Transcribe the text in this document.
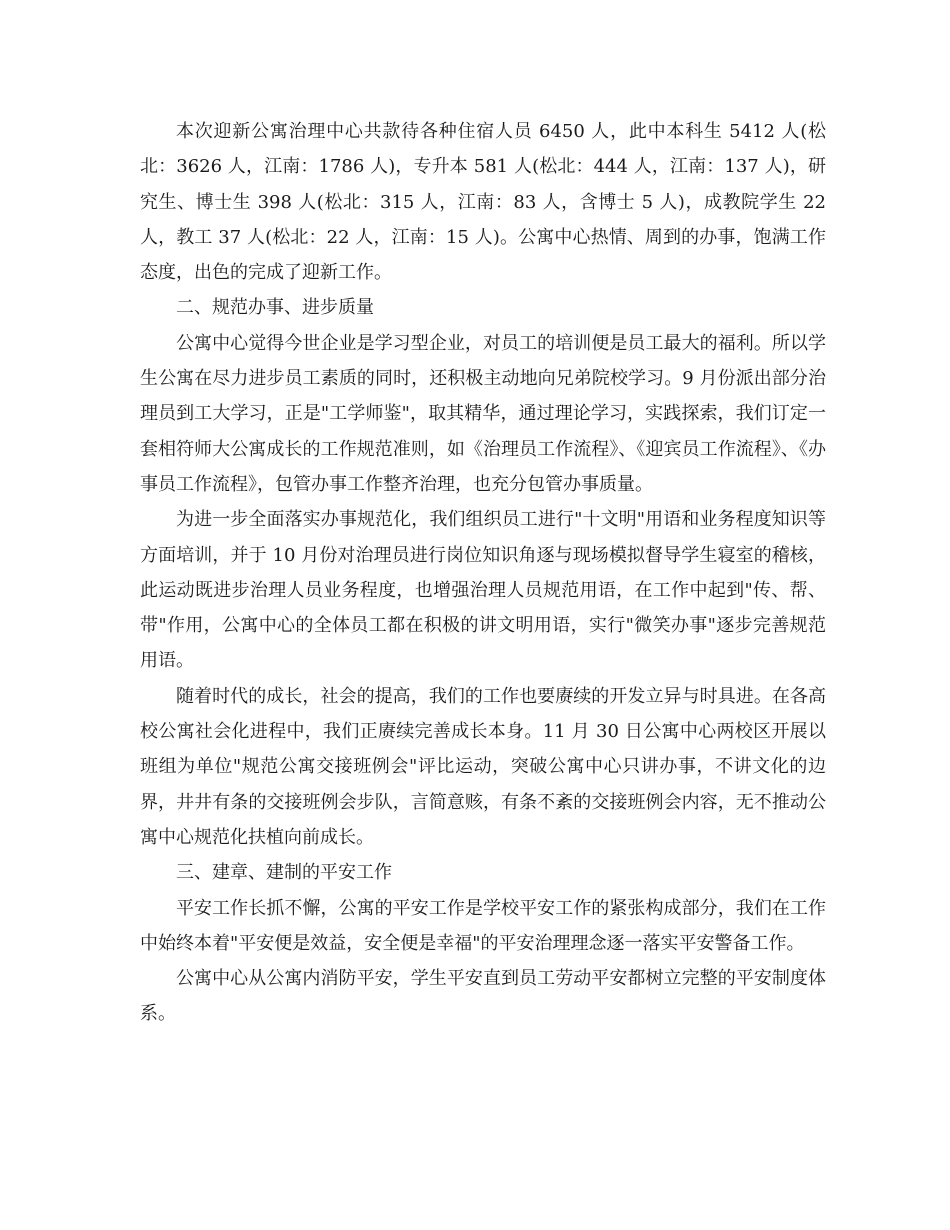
本次迎新公寓治理中心共款待各种住宿人员 6450 人，此中本科生 5412 人(松北：3626 人，江南：1786 人)，专升本 581 人(松北：444 人，江南：137 人)，研究生、博士生 398 人(松北：315 人，江南：83 人，含博士 5 人)，成教院学生 22 人，教工 37 人(松北：22 人，江南：15 人)。公寓中心热情、周到的办事，饱满工作态度，出色的完成了迎新工作。

二、规范办事、进步质量

公寓中心觉得今世企业是学习型企业，对员工的培训便是员工最大的福利。所以学生公寓在尽力进步员工素质的同时，还积极主动地向兄弟院校学习。9 月份派出部分治理员到工大学习，正是"工学师鉴"，取其精华，通过理论学习，实践探索，我们订定一套相符师大公寓成长的工作规范准则，如《治理员工作流程》、《迎宾员工作流程》、《办事员工作流程》，包管办事工作整齐治理，也充分包管办事质量。

为进一步全面落实办事规范化，我们组织员工进行"十文明"用语和业务程度知识等方面培训，并于 10 月份对治理员进行岗位知识角逐与现场模拟督导学生寝室的稽核，此运动既进步治理人员业务程度，也增强治理人员规范用语，在工作中起到"传、帮、带"作用，公寓中心的全体员工都在积极的讲文明用语，实行"微笑办事"逐步完善规范用语。

随着时代的成长，社会的提高，我们的工作也要赓续的开发立异与时具进。在各高校公寓社会化进程中，我们正赓续完善成长本身。11 月 30 日公寓中心两校区开展以班组为单位"规范公寓交接班例会"评比运动，突破公寓中心只讲办事，不讲文化的边界，井井有条的交接班例会步队，言简意赅，有条不紊的交接班例会内容，无不推动公寓中心规范化扶植向前成长。

三、建章、建制的平安工作

平安工作长抓不懈，公寓的平安工作是学校平安工作的紧张构成部分，我们在工作中始终本着"平安便是效益，安全便是幸福"的平安治理理念逐一落实平安警备工作。

公寓中心从公寓内消防平安，学生平安直到员工劳动平安都树立完整的平安制度体系。
